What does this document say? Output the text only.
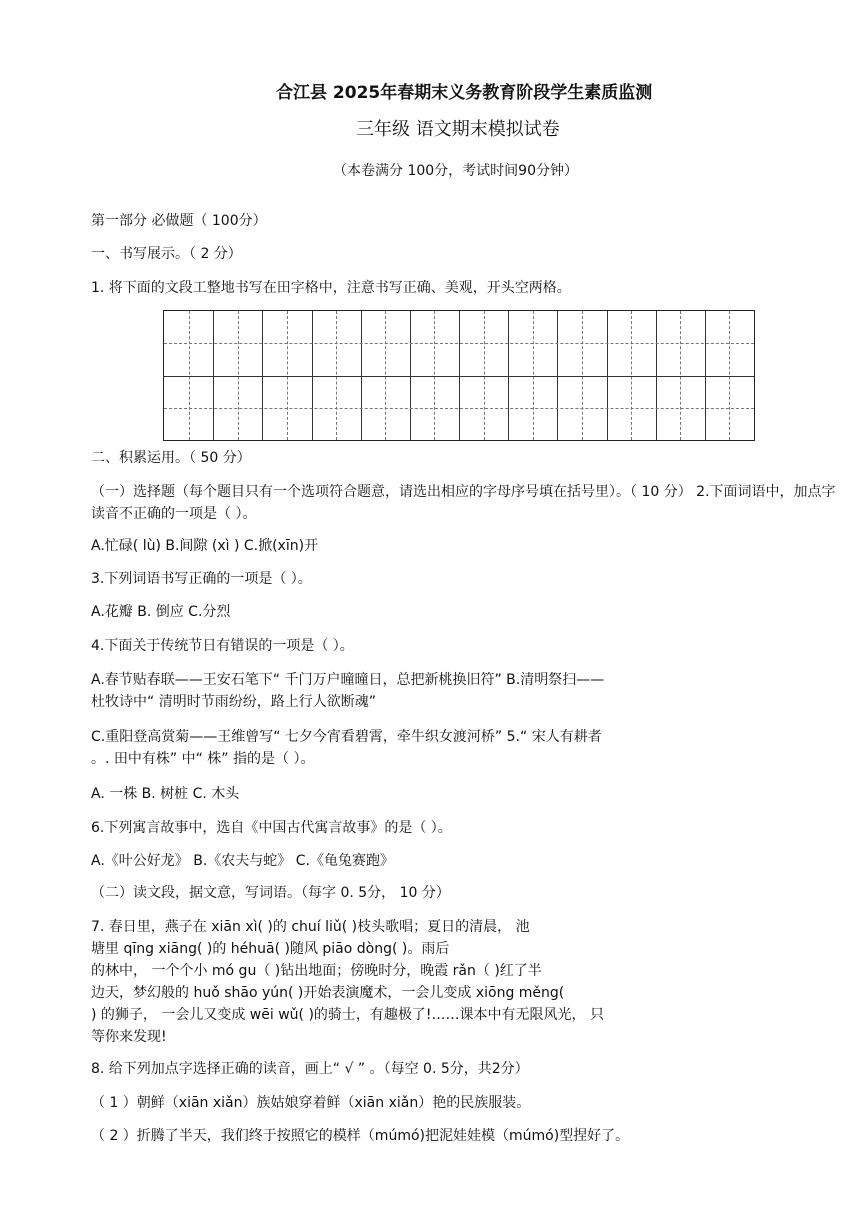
合江县 2025年春期末义务教育阶段学生素质监测
三年级 语文期末模拟试卷
（本卷满分 100分，考试时间90分钟）
第一部分 必做题（ 100分）
一、书写展示。（ 2 分）
1. 将下面的文段工整地书写在田字格中，注意书写正确、美观，开头空两格。
二、积累运用。（ 50 分）
（一）选择题（每个题目只有一个选项符合题意，请选出相应的字母序号填在括号里）。（ 10 分） 2.下面词语中，加点字
读音不正确的一项是（ ）。
A.忙碌( lù) B.间隙 (xì ) C.掀(xīn)开
3.下列词语书写正确的一项是（ ）。
A.花瓣 B. 倒应 C.分烈
4.下面关于传统节日有错误的一项是（ ）。
A.春节贴春联——王安石笔下“ 千门万户曈曈日，总把新桃换旧符” B.清明祭扫——
杜牧诗中“ 清明时节雨纷纷，路上行人欲断魂”
C.重阳登高赏菊——王维曾写“ 七夕今宵看碧霄，牵牛织女渡河桥” 5.“ 宋人有耕者
。. 田中有株” 中“ 株” 指的是（ ）。
A. 一株 B. 树桩 C. 木头
6.下列寓言故事中，选自《中国古代寓言故事》的是（ ）。
A.《叶公好龙》 B.《农夫与蛇》 C.《龟兔赛跑》
（二）读文段，据文意，写词语。（每字 0. 5分， 10 分）
7. 春日里，燕子在 xiān xì( )的 chuí liǔ( )枝头歌唱；夏日的清晨， 池
塘里 qīng xiāng( )的 héhuā( )随风 piāo dòng( )。雨后
的林中， 一个个小 mó gu（ )钻出地面；傍晚时分，晚霞 rǎn（ )红了半
边天，梦幻般的 huǒ shāo yún( )开始表演魔术，一会儿变成 xiōng měng(
) 的狮子， 一会儿又变成 wēi wǔ( )的骑士，有趣极了!……课本中有无限风光， 只
等你来发现!
8. 给下列加点字选择正确的读音，画上“ √ ” 。（每空 0. 5分，共2分）
（ 1 ）朝鲜（xiān xiǎn）族姑娘穿着鲜（xiān xiǎn）艳的民族服装。
（ 2 ）折腾了半天，我们终于按照它的模样（múmó)把泥娃娃模（múmó)型捏好了。
